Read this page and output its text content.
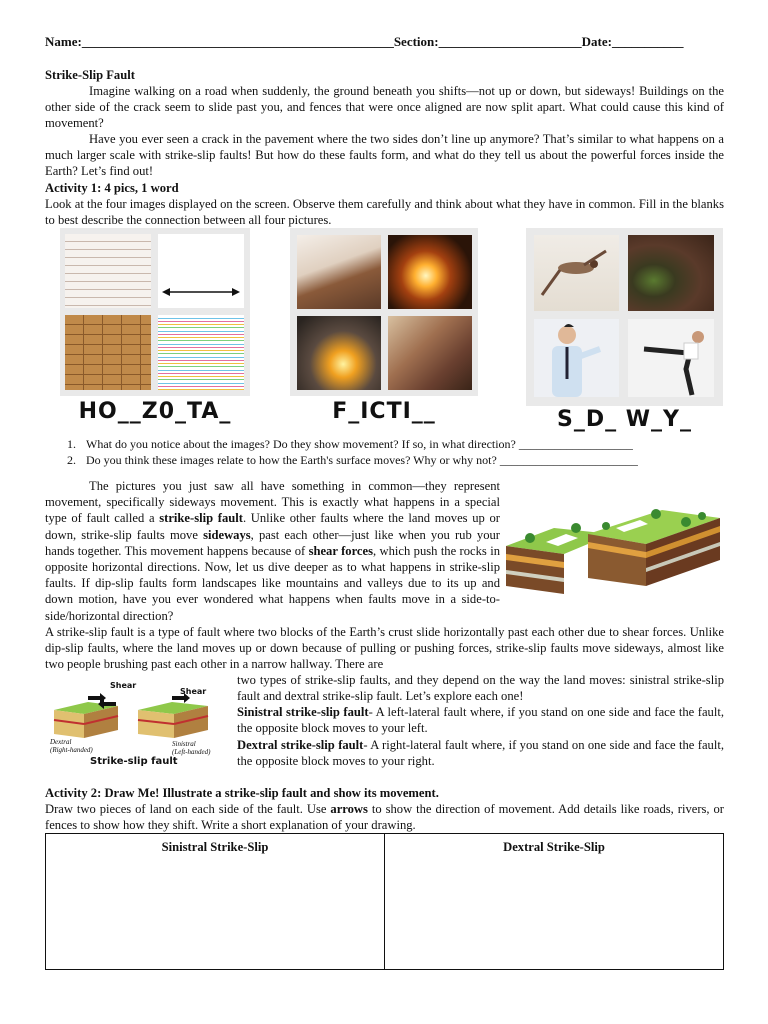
Name:________________________________________________Section:______________________Date:___________
Strike-Slip Fault
Imagine walking on a road when suddenly, the ground beneath you shifts—not up or down, but sideways! Buildings on the other side of the crack seem to slide past you, and fences that were once aligned are now split apart. What could cause this kind of movement?
Have you ever seen a crack in the pavement where the two sides don’t line up anymore? That’s similar to what happens on a much larger scale with strike-slip faults! But how do these faults form, and what do they tell us about the powerful forces inside the Earth? Let’s find out!
Activity 1: 4 pics, 1 word
Look at the four images displayed on the screen. Observe them carefully and think about what they have in common. Fill in the blanks to best describe the connection between all four pictures.
HO__Z0_TA_	F_ICTI__	S_D_ W_Y_
1. What do you notice about the images? Do they show movement? If so, in what direction? ___________________
2. Do you think these images relate to how the Earth's surface moves? Why or why not? _______________________
The pictures you just saw all have something in common—they represent movement, specifically sideways movement. This is exactly what happens in a special type of fault called a strike-slip fault. Unlike other faults where the land moves up or down, strike-slip faults move sideways, past each other—just like when you rub your hands together. This movement happens because of shear forces, which push the rocks in opposite horizontal directions. Now, let us dive deeper as to what happens in strike-slip faults. If dip-slip faults form landscapes like mountains and valleys due to its up and down motion, have you ever wondered what happens when faults move in a side-to-side/horizontal direction?
A strike-slip fault is a type of fault where two blocks of the Earth’s crust slide horizontally past each other due to shear forces. Unlike dip-slip faults, where the land moves up or down because of pulling or pushing forces, strike-slip faults move sideways, almost like two people brushing past each other in a narrow hallway. There are
Shear
Shear
Dextral
(Right-handed)
Sinistral
(Left-handed)
Strike-slip fault
two types of strike-slip faults, and they depend on the way the land moves: sinistral strike-slip fault and dextral strike-slip fault. Let’s explore each one!
Sinistral strike-slip fault- A left-lateral fault where, if you stand on one side and face the fault, the opposite block moves to your left.
Dextral strike-slip fault- A right-lateral fault where, if you stand on one side and face the fault, the opposite block moves to your right.
Activity 2: Draw Me! Illustrate a strike-slip fault and show its movement.
Draw two pieces of land on each side of the fault. Use arrows to show the direction of movement. Add details like roads, rivers, or fences to show how they shift. Write a short explanation of your drawing.
Sinistral Strike-Slip	Dextral Strike-Slip
